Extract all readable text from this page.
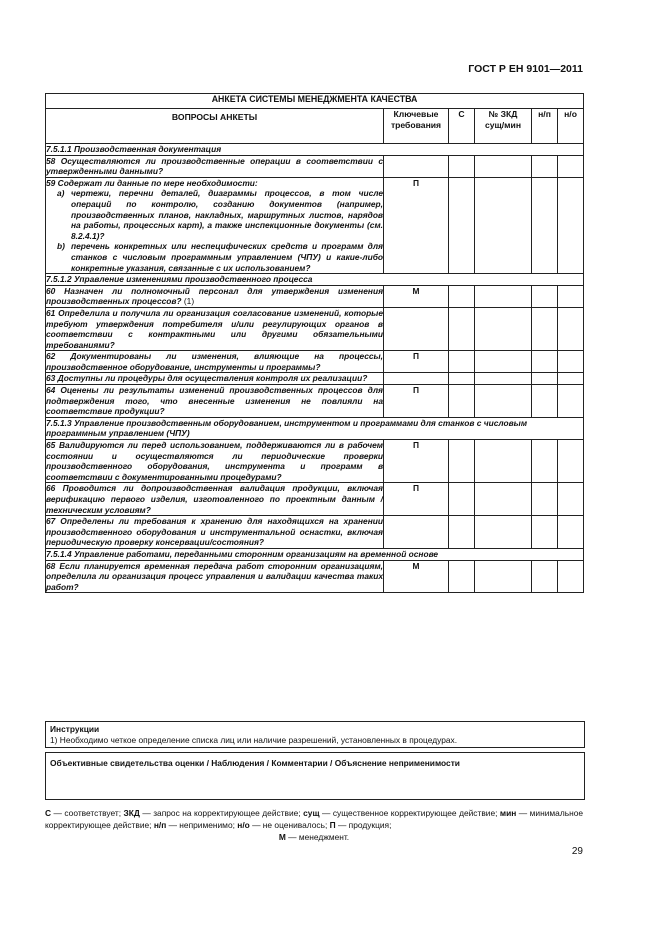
ГОСТ Р ЕН 9101—2011
АНКЕТА СИСТЕМЫ МЕНЕДЖМЕНТА КАЧЕСТВА					
ВОПРОСЫ АНКЕТЫ	Ключевые
требования	С	№ ЗКД
сущ/мин	н/п	н/о
7.5.1.1 Производственная документация					
58 Осуществляются ли производственные операции в соответствии с утвержденными данными?					

59 Содержат ли данные по мере необходимости:
a) чертежи, перечни деталей, диаграммы процессов, в том числе операций по контролю, созданию документов (например, производственных планов, накладных, маршрутных листов, нарядов на работы, процессных карт), а также инспекционные документы (см. 8.2.4.1)?
b) перечень конкретных или неспецифических средств и программ для станков с числовым программным управлением (ЧПУ) и какие-либо конкретные указания, связанные с их использованием?	П				
7.5.1.2 Управление изменениями производственного процесса					
60 Назначен ли полномочный персонал для утверждения изменения производственных процессов? (1)	М				
61 Определила и получила ли организация согласование изменений, которые требуют утверждения потребителя и/или регулирующих органов в соответствии с контрактными или другими обязательными требованиями?					
62 Документированы ли изменения, влияющие на процессы, производственное оборудование, инструменты и программы?	П				
63 Доступны ли процедуры для осуществления контроля их реализации?					
64 Оценены ли результаты изменений производственных процессов для подтверждения того, что внесенные изменения не повлияли на соответствие продукции?	П				
7.5.1.3 Управление производственным оборудованием, инструментом и программами для станков с числовым программным управлением (ЧПУ)					
65 Валидируются ли перед использованием, поддерживаются ли в рабочем состоянии и осуществляются ли периодические проверки производственного оборудования, инструмента и программ в соответствии с документированными процедурами?	П				
66 Проводится ли допроизводственная валидация продукции, включая верификацию первого изделия, изготовленного по проектным данным /техническим условиям?	П				
67 Определены ли требования к хранению для находящихся на хранении производственного оборудования и инструментальной оснастки, включая периодическую проверку консервации/состояния?					
7.5.1.4 Управление работами, переданными сторонним организациям на временной основе					
68 Если планируется временная передача работ сторонним организациям, определила ли организация процесс управления и валидации качества таких работ?	М				
Инструкции
1) Необходимо четкое определение списка лиц или наличие разрешений, установленных в процедурах.
Объективные свидетельства оценки / Наблюдения / Комментарии / Объяснение неприменимости
С — соответствует; ЗКД — запрос на корректирующее действие; сущ — существенное корректирующее действие; мин — минимальное корректирующее действие; н/п — неприменимо; н/о — не оценивалось; П — продукция;
М — менеджмент.
29
